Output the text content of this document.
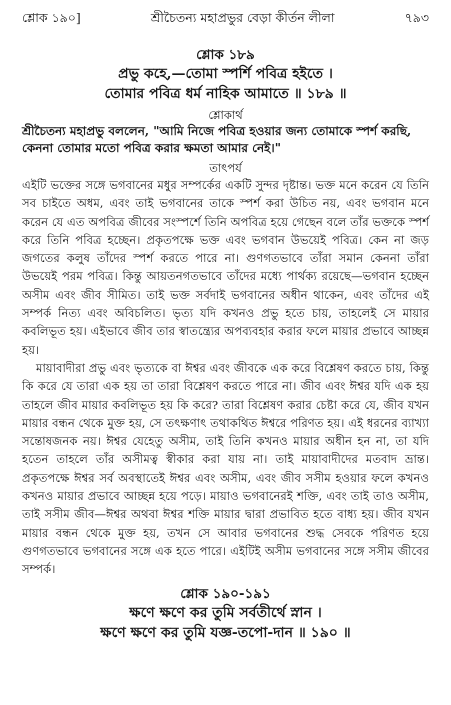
শ্লোক ১৯০]	শ্রীচৈতন্য মহাপ্রভুর বেড়া কীর্তন লীলা	৭৯৩
শ্লোক ১৮৯
প্রভু কহে,—তোমা স্পর্শি পবিত্র হইতে ।
তোমার পবিত্র ধর্ম নাহিক আমাতে ॥ ১৮৯ ॥
শ্লোকার্থ
শ্রীচৈতন্য মহাপ্রভু বললেন, "আমি নিজে পবিত্র হওয়ার জন্য তোমাকে স্পর্শ করছি, কেননা তোমার মতো পবিত্র করার ক্ষমতা আমার নেই।"
তাৎপর্য

এইটি ভক্তের সঙ্গে ভগবানের মধুর সম্পর্কের একটি সুন্দর দৃষ্টান্ত। ভক্ত মনে করেন যে তিনি সব চাইতে অধম, এবং তাই ভগবানের তাকে স্পর্শ করা উচিত নয়, এবং ভগবান মনে করেন যে এত অপবিত্র জীবের সংস্পর্শে তিনি অপবিত্র হয়ে গেছেন বলে তাঁর ভক্তকে স্পর্শ করে তিনি পবিত্র হচ্ছেন। প্রকৃতপক্ষে ভক্ত এবং ভগবান উভয়েই পবিত্র। কেন না জড় জগতের কলুষ তাঁদের স্পর্শ করতে পারে না। গুণগতভাবে তাঁরা সমান কেননা তাঁরা উভয়েই পরম পবিত্র। কিন্তু আয়তনগতভাবে তাঁদের মধ্যে পার্থক্য রয়েছে—ভগবান হচ্ছেন অসীম এবং জীব সীমিত। তাই ভক্ত সর্বদাই ভগবানের অধীন থাকেন, এবং তাঁদের এই সম্পর্ক নিত্য এবং অবিচলিত। ভৃত্য যদি কখনও প্রভু হতে চায়, তাহলেই সে মায়ার কবলিভূত হয়। এইভাবে জীব তার স্বাতন্ত্র্যের অপব্যবহার করার ফলে মায়ার প্রভাবে আচ্ছন্ন হয়।

মায়াবাদীরা প্রভু এবং ভৃত্যকে বা ঈশ্বর এবং জীবকে এক করে বিশ্লেষণ করতে চায়, কিন্তু কি করে যে তারা এক হয় তা তারা বিশ্লেষণ করতে পারে না। জীব এবং ঈশ্বর যদি এক হয় তাহলে জীব মায়ার কবলিভূত হয় কি করে? তারা বিশ্লেষণ করার চেষ্টা করে যে, জীব যখন মায়ার বন্ধন থেকে মুক্ত হয়, সে তৎক্ষণাৎ তথাকথিত ঈশ্বরে পরিণত হয়। এই ধরনের ব্যাখ্যা সন্তোষজনক নয়। ঈশ্বর যেহেতু অসীম, তাই তিনি কখনও মায়ার অধীন হন না, তা যদি হতেন তাহলে তাঁর অসীমত্ব স্বীকার করা যায় না। তাই মায়াবাদীদের মতবাদ ভ্রান্ত। প্রকৃতপক্ষে ঈশ্বর সর্ব অবস্থাতেই ঈশ্বর এবং অসীম, এবং জীব সসীম হওয়ার ফলে কখনও কখনও মায়ার প্রভাবে আচ্ছন্ন হয়ে পড়ে। মায়াও ভগবানেরই শক্তি, এবং তাই তাও অসীম, তাই সসীম জীব—ঈশ্বর অথবা ঈশ্বর শক্তি মায়ার দ্বারা প্রভাবিত হতে বাধ্য হয়। জীব যখন মায়ার বন্ধন থেকে মুক্ত হয়, তখন সে আবার ভগবানের শুদ্ধ সেবকে পরিণত হয়ে গুণগতভাবে ভগবানের সঙ্গে এক হতে পারে। এইটিই অসীম ভগবানের সঙ্গে সসীম জীবের সম্পর্ক।

শ্লোক ১৯০-১৯১
ক্ষণে ক্ষণে কর তুমি সর্বতীর্থে স্নান ।
ক্ষণে ক্ষণে কর তুমি যজ্ঞ-তপো-দান ॥ ১৯০ ॥
